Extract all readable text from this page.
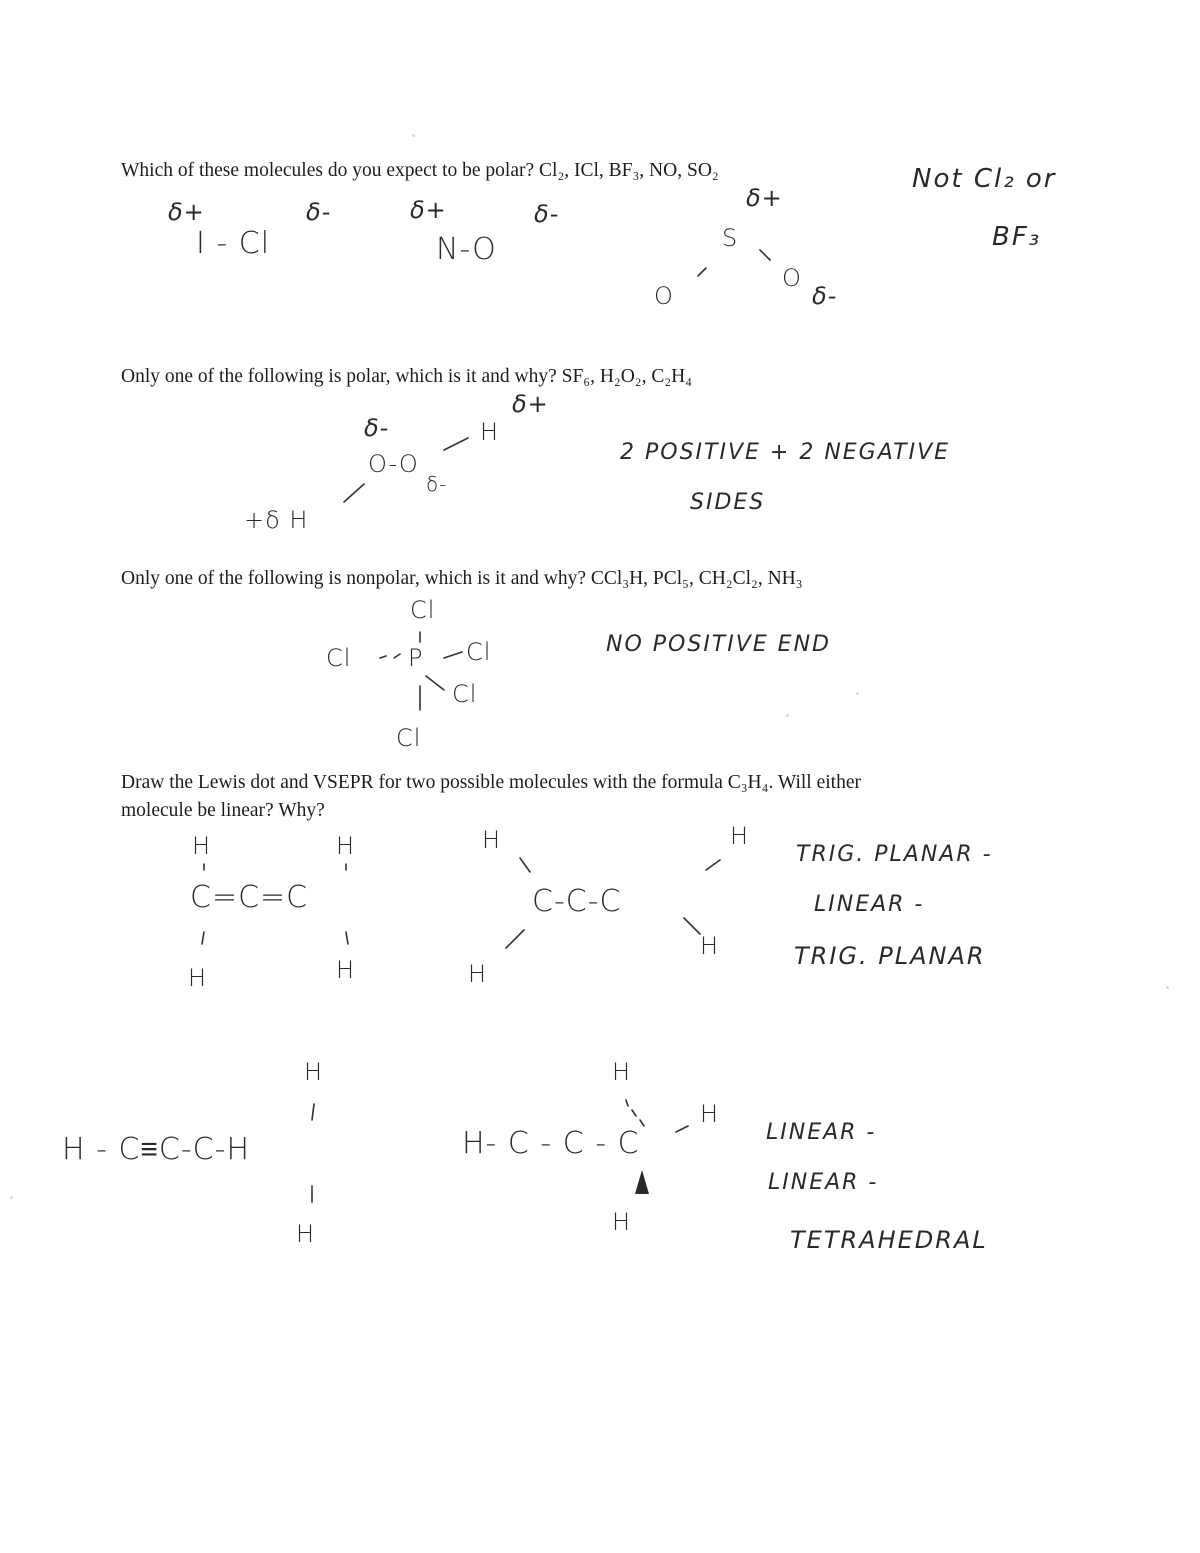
Which of these molecules do you expect to be polar? Cl₂, ICl, BF₃, NO, SO₂

δ+
I - Cl
δ-	δ+
N-O
δ-
δ+
S
O
O
δ-
Not Cl₂ or
BF₃

Only one of the following is polar, which is it and why? SF₆, H₂O₂, C₂H₄

δ-
O-O
δ-
H
δ+
+δ H
2 POSITIVE + 2 NEGATIVE
SIDES

Only one of the following is nonpolar, which is it and why? CCl₃H, PCl₅, CH₂Cl₂, NH₃

Cl
Cl P Cl
Cl
Cl
NO POSITIVE END

Draw the Lewis dot and VSEPR for two possible molecules with the formula C₃H₄. Will either

molecule be linear? Why?

H	H
C=C=C
H	H
H	H
C-C-C
H
H
TRIG. PLANAR -
LINEAR -
TRIG. PLANAR
H
H - C≡C-C-H
H
H
H- C - C - C
H
H
LINEAR -
LINEAR -
TETRAHEDRAL
